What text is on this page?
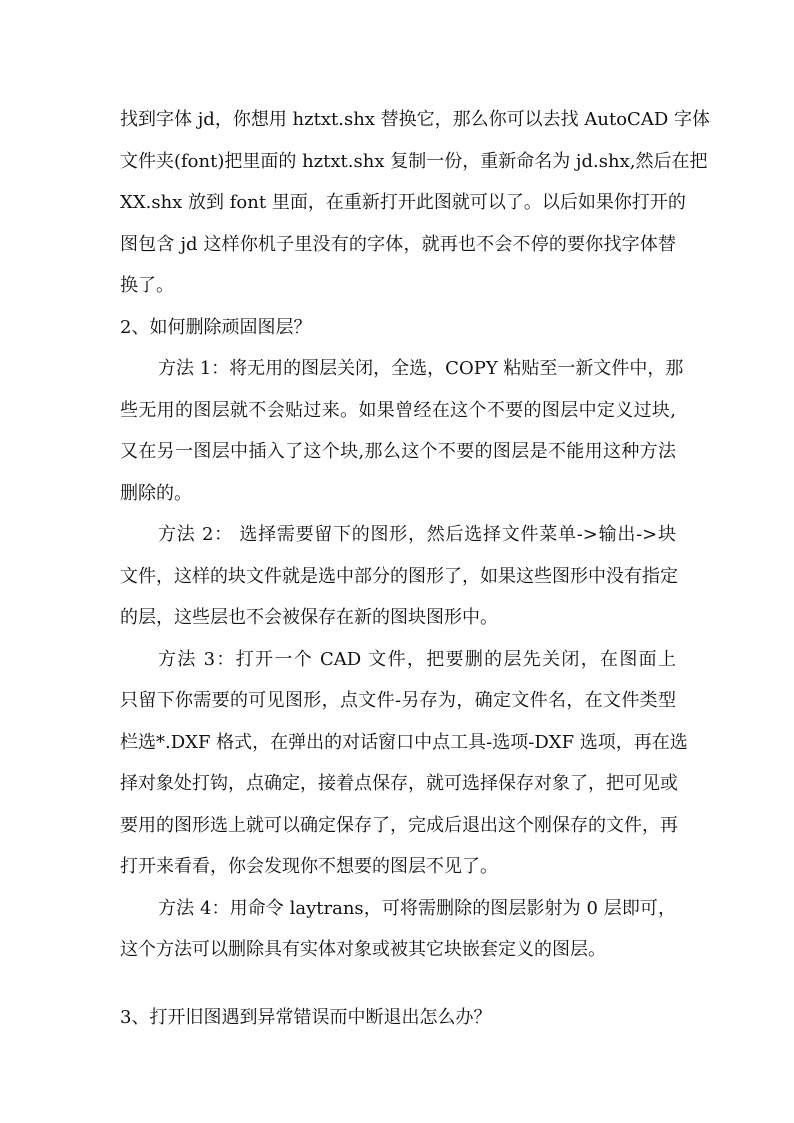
找到字体 jd，你想用 hztxt.shx 替换它，那么你可以去找 AutoCAD 字体
文件夹(font)把里面的 hztxt.shx 复制一份，重新命名为 jd.shx,然后在把
XX.shx 放到 font 里面，在重新打开此图就可以了。以后如果你打开的
图包含 jd 这样你机子里没有的字体，就再也不会不停的要你找字体替
换了。
2、如何删除顽固图层？
方法 1：将无用的图层关闭，全选，COPY 粘贴至一新文件中，那
些无用的图层就不会贴过来。如果曾经在这个不要的图层中定义过块,
又在另一图层中插入了这个块,那么这个不要的图层是不能用这种方法
删除的。
方法 2： 选择需要留下的图形，然后选择文件菜单->输出->块
文件，这样的块文件就是选中部分的图形了，如果这些图形中没有指定
的层，这些层也不会被保存在新的图块图形中。
方法 3：打开一个 CAD 文件，把要删的层先关闭，在图面上
只留下你需要的可见图形，点文件-另存为，确定文件名，在文件类型
栏选*.DXF 格式，在弹出的对话窗口中点工具-选项-DXF 选项，再在选
择对象处打钩，点确定，接着点保存，就可选择保存对象了，把可见或
要用的图形选上就可以确定保存了，完成后退出这个刚保存的文件，再
打开来看看，你会发现你不想要的图层不见了。
方法 4：用命令 laytrans，可将需删除的图层影射为 0 层即可，
这个方法可以删除具有实体对象或被其它块嵌套定义的图层。
3、打开旧图遇到异常错误而中断退出怎么办？
